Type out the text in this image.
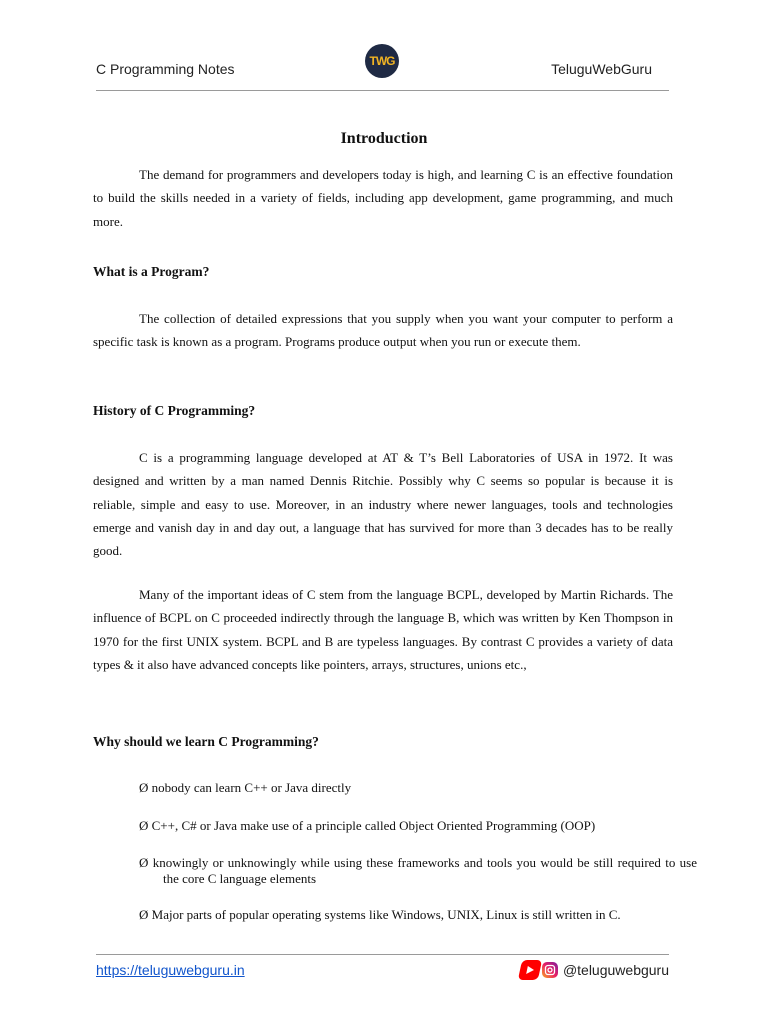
C Programming Notes	TWG	TeluguWebGuru
Introduction

The demand for programmers and developers today is high, and learning C is an effective foundation to build the skills needed in a variety of fields, including app development, game programming, and much more.

What is a Program?

The collection of detailed expressions that you supply when you want your computer to perform a specific task is known as a program. Programs produce output when you run or execute them.

History of C Programming?

C is a programming language developed at AT & T’s Bell Laboratories of USA in 1972. It was designed and written by a man named Dennis Ritchie. Possibly why C seems so popular is because it is reliable, simple and easy to use. Moreover, in an industry where newer languages, tools and technologies emerge and vanish day in and day out, a language that has survived for more than 3 decades has to be really good.

Many of the important ideas of C stem from the language BCPL, developed by Martin Richards. The influence of BCPL on C proceeded indirectly through the language B, which was written by Ken Thompson in 1970 for the first UNIX system. BCPL and B are typeless languages. By contrast C provides a variety of data types & it also have advanced concepts like pointers, arrays, structures, unions etc.,

Why should we learn C Programming?

Ø nobody can learn C++ or Java directly

Ø C++, C# or Java make use of a principle called Object Oriented Programming (OOP)

Ø knowingly or unknowingly while using these frameworks and tools you would be still required to use the core C language elements

Ø Major parts of popular operating systems like Windows, UNIX, Linux is still written in C.

https://teluguwebguru.in	@teluguwebguru
